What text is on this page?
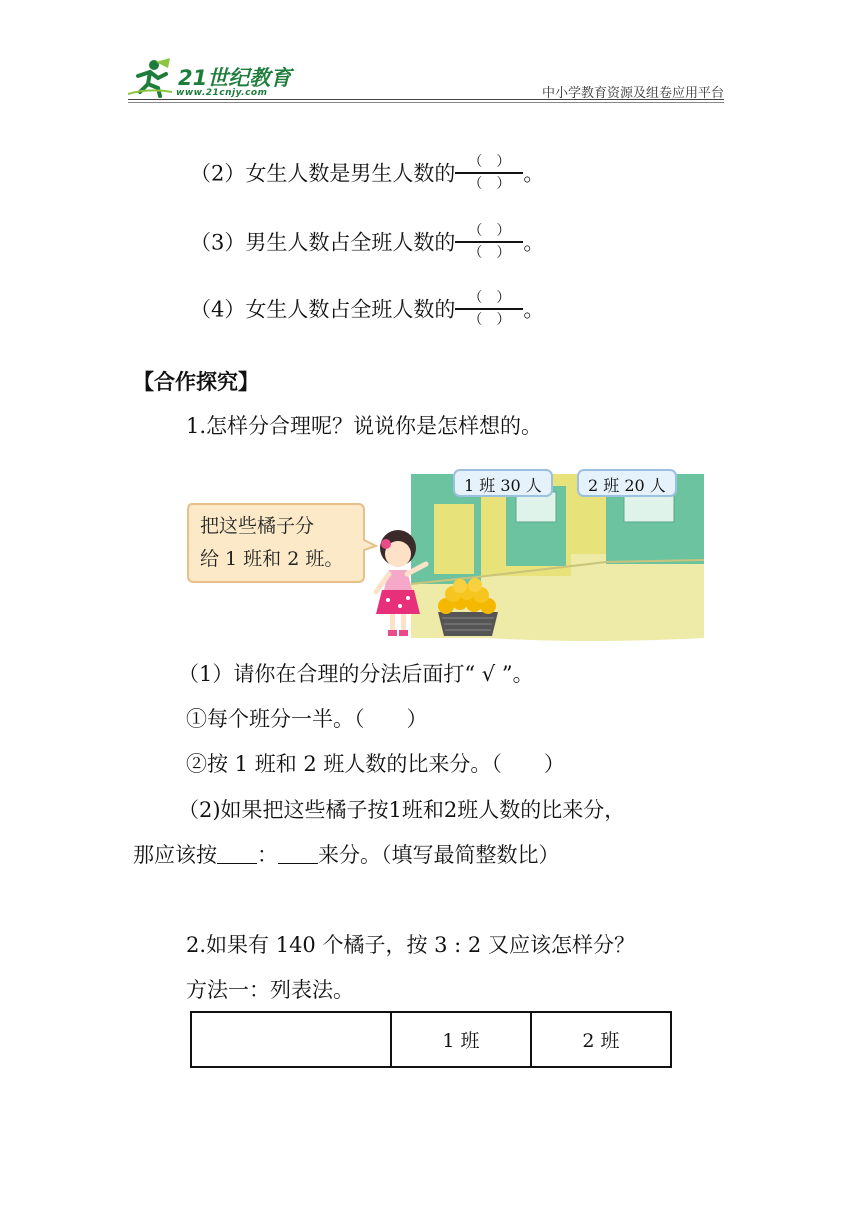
21世纪教育
www.21cnjy.com	中小学教育资源及组卷应用平台
（2）女生人数是男生人数的 $\frac{( )}{( )}$ 。
（3）男生人数占全班人数的 $\frac{( )}{( )}$ 。
（4）女生人数占全班人数的 $\frac{( )}{( )}$ 。
【合作探究】
1.怎样分合理呢？说说你是怎样想的。
把这些橘子分
给 1 班和 2 班。
1 班 30 人	2 班 20 人
（1）请你在合理的分法后面打“ √ ”。
①每个班分一半。（　　）
②按 1 班和 2 班人数的比来分。（　　）
（2)如果把这些橘子按1班和2班人数的比来分，
那应该按 ： 来分。（填写最简整数比）
2.如果有 140 个橘子，按 3 : 2 又应该怎样分？
方法一：列表法。
	1 班	2 班
